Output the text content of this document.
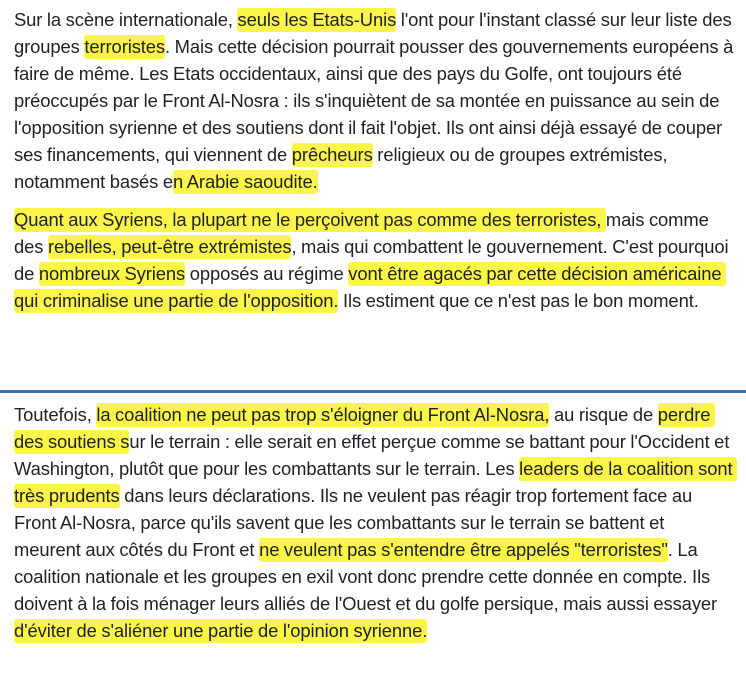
Sur la scène internationale, seuls les Etats-Unis l'ont pour l'instant classé sur leur liste des groupes terroristes. Mais cette décision pourrait pousser des gouvernements européens à faire de même. Les Etats occidentaux, ainsi que des pays du Golfe, ont toujours été préoccupés par le Front Al-Nosra : ils s'inquiètent de sa montée en puissance au sein de l'opposition syrienne et des soutiens dont il fait l'objet. Ils ont ainsi déjà essayé de couper ses financements, qui viennent de prêcheurs religieux ou de groupes extrémistes, notamment basés en Arabie saoudite.

Quant aux Syriens, la plupart ne le perçoivent pas comme des terroristes, mais comme des rebelles, peut-être extrémistes, mais qui combattent le gouvernement. C'est pourquoi de nombreux Syriens opposés au régime vont être agacés par cette décision américaine qui criminalise une partie de l'opposition. Ils estiment que ce n'est pas le bon moment.

Toutefois, la coalition ne peut pas trop s'éloigner du Front Al-Nosra, au risque de perdre des soutiens sur le terrain : elle serait en effet perçue comme se battant pour l'Occident et Washington, plutôt que pour les combattants sur le terrain. Les leaders de la coalition sont très prudents dans leurs déclarations. Ils ne veulent pas réagir trop fortement face au Front Al-Nosra, parce qu'ils savent que les combattants sur le terrain se battent et meurent aux côtés du Front et ne veulent pas s'entendre être appelés "terroristes". La coalition nationale et les groupes en exil vont donc prendre cette donnée en compte. Ils doivent à la fois ménager leurs alliés de l'Ouest et du golfe persique, mais aussi essayer d'éviter de s'aliéner une partie de l'opinion syrienne.
